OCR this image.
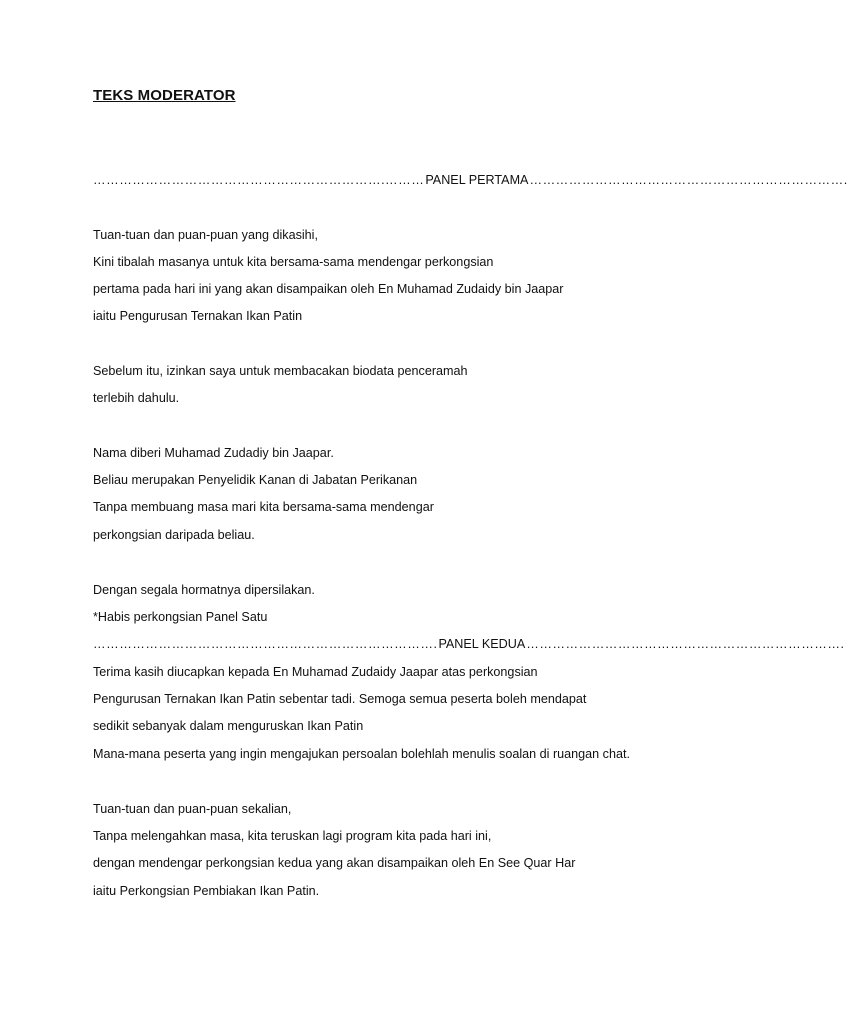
TEKS MODERATOR
………………………………………………………….……… PANEL PERTAMA ……………………………………………………………….
Tuan-tuan dan puan-puan yang dikasihi,
Kini tibalah masanya untuk kita bersama-sama mendengar perkongsian
pertama pada hari ini yang akan disampaikan oleh En Muhamad Zudaidy bin Jaapar
iaitu Pengurusan Ternakan Ikan Patin
Sebelum itu, izinkan saya untuk membacakan biodata penceramah
terlebih dahulu.
Nama diberi Muhamad Zudadiy bin Jaapar.
Beliau merupakan Penyelidik Kanan di Jabatan Perikanan
Tanpa membuang masa mari kita bersama-sama mendengar
perkongsian daripada beliau.
Dengan segala hormatnya dipersilakan.
*Habis perkongsian Panel Satu
……………………………………………………………………. PANEL KEDUA ……………………………………………………………….
Terima kasih diucapkan kepada En Muhamad Zudaidy Jaapar atas perkongsian
Pengurusan Ternakan Ikan Patin sebentar tadi. Semoga semua peserta boleh mendapat
sedikit sebanyak dalam menguruskan Ikan Patin
Mana-mana peserta yang ingin mengajukan persoalan bolehlah menulis soalan di ruangan chat.
Tuan-tuan dan puan-puan sekalian,
Tanpa melengahkan masa, kita teruskan lagi program kita pada hari ini,
dengan mendengar perkongsian kedua yang akan disampaikan oleh En See Quar Har
iaitu Perkongsian Pembiakan Ikan Patin.
